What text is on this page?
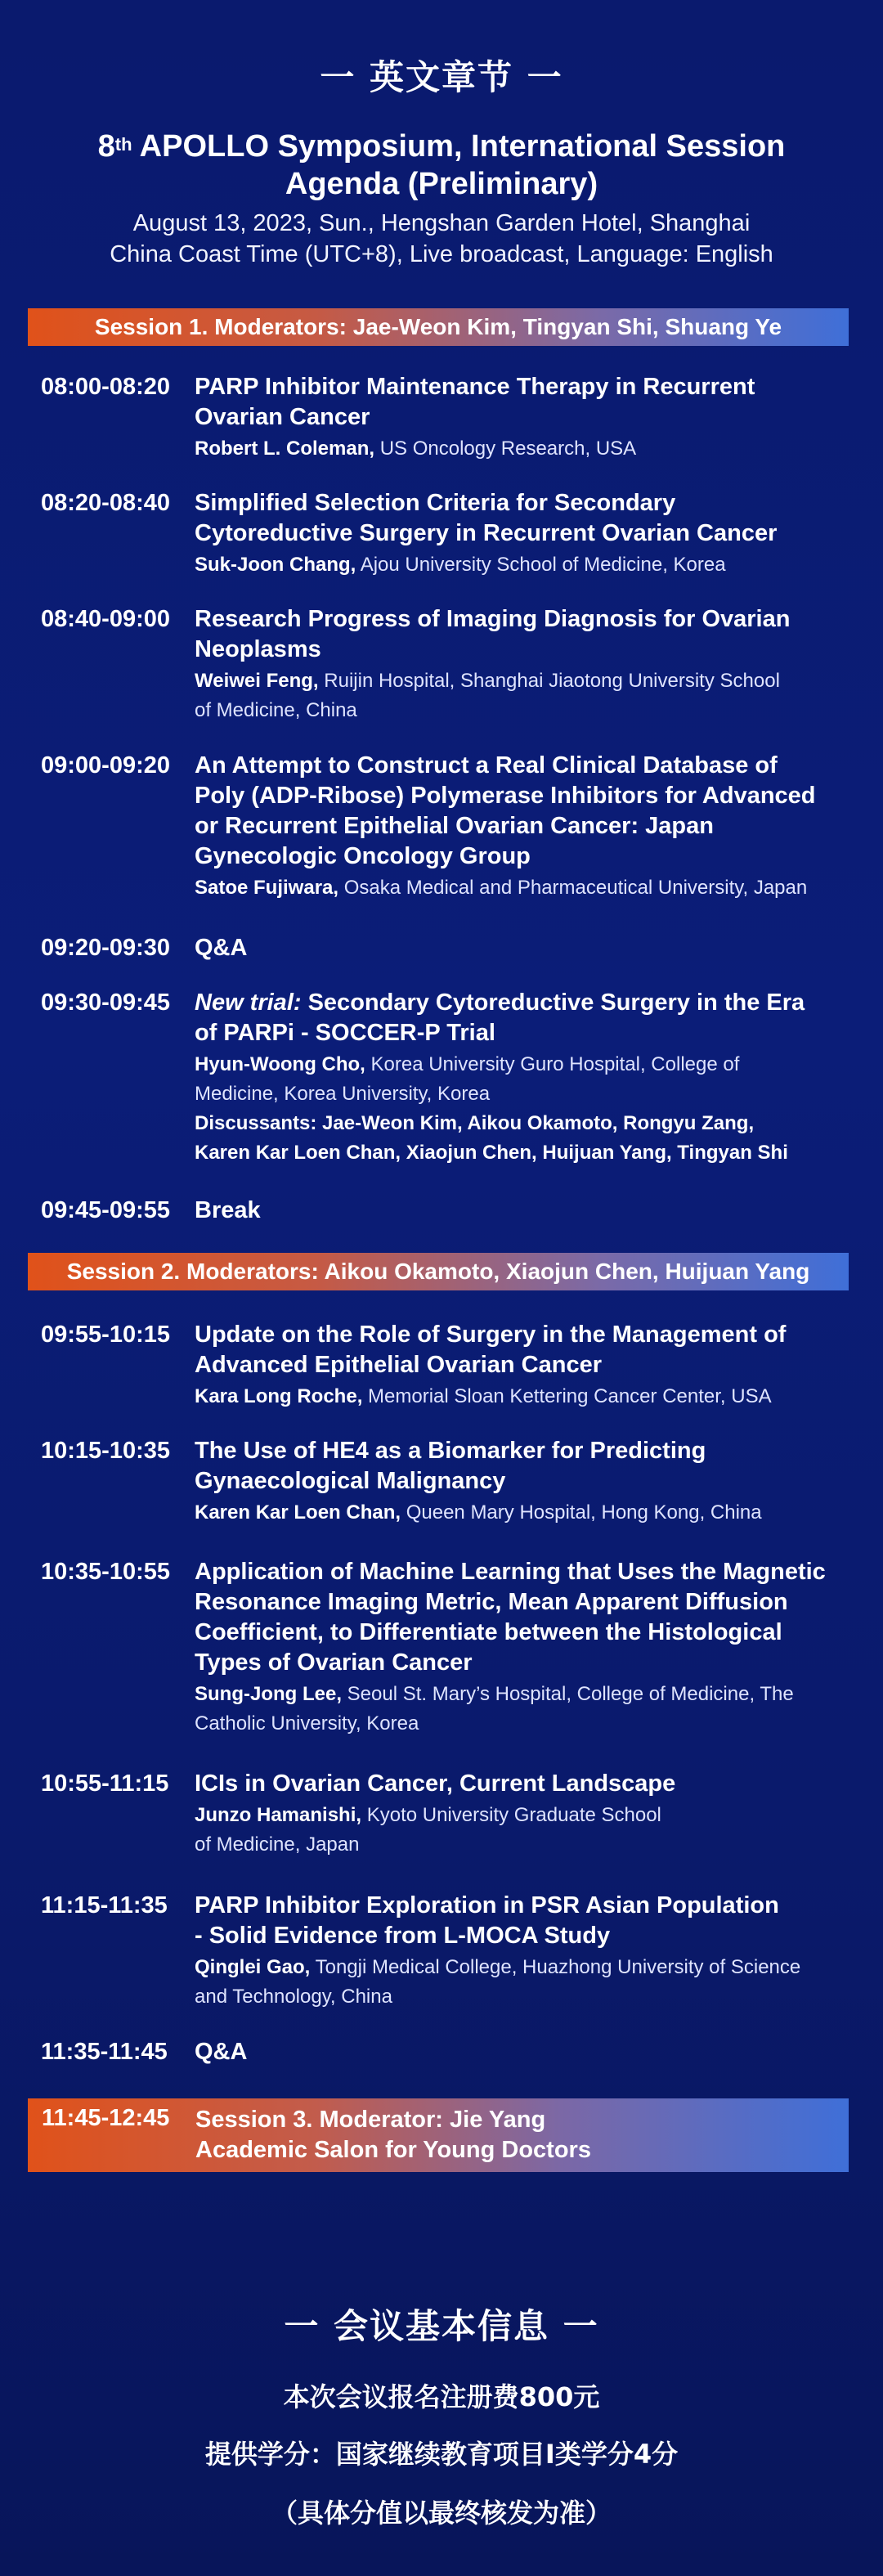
一 英文章节 一
8th APOLLO Symposium, International Session
Agenda (Preliminary)
August 13, 2023, Sun., Hengshan Garden Hotel, Shanghai
China Coast Time (UTC+8), Live broadcast, Language: English
Session 1. Moderators: Jae-Weon Kim, Tingyan Shi, Shuang Ye
08:00-08:20 PARP Inhibitor Maintenance Therapy in Recurrent
Ovarian Cancer
Robert L. Coleman, US Oncology Research, USA
08:20-08:40 Simplified Selection Criteria for Secondary
Cytoreductive Surgery in Recurrent Ovarian Cancer
Suk-Joon Chang, Ajou University School of Medicine, Korea
08:40-09:00 Research Progress of Imaging Diagnosis for Ovarian
Neoplasms
Weiwei Feng, Ruijin Hospital, Shanghai Jiaotong University School
of Medicine, China
09:00-09:20 An Attempt to Construct a Real Clinical Database of
Poly (ADP-Ribose) Polymerase Inhibitors for Advanced
or Recurrent Epithelial Ovarian Cancer: Japan
Gynecologic Oncology Group
Satoe Fujiwara, Osaka Medical and Pharmaceutical University, Japan
09:20-09:30 Q&A
09:30-09:45 New trial: Secondary Cytoreductive Surgery in the Era
of PARPi - SOCCER-P Trial
Hyun-Woong Cho, Korea University Guro Hospital, College of
Medicine, Korea University, Korea
Discussants: Jae-Weon Kim, Aikou Okamoto, Rongyu Zang,
Karen Kar Loen Chan, Xiaojun Chen, Huijuan Yang, Tingyan Shi
09:45-09:55 Break
Session 2. Moderators: Aikou Okamoto, Xiaojun Chen, Huijuan Yang
09:55-10:15 Update on the Role of Surgery in the Management of
Advanced Epithelial Ovarian Cancer
Kara Long Roche, Memorial Sloan Kettering Cancer Center, USA
10:15-10:35 The Use of HE4 as a Biomarker for Predicting
Gynaecological Malignancy
Karen Kar Loen Chan, Queen Mary Hospital, Hong Kong, China
10:35-10:55 Application of Machine Learning that Uses the Magnetic
Resonance Imaging Metric, Mean Apparent Diffusion
Coefficient, to Differentiate between the Histological
Types of Ovarian Cancer
Sung-Jong Lee, Seoul St. Mary’s Hospital, College of Medicine, The
Catholic University, Korea
10:55-11:15 ICIs in Ovarian Cancer, Current Landscape
Junzo Hamanishi, Kyoto University Graduate School
of Medicine, Japan
11:15-11:35 PARP Inhibitor Exploration in PSR Asian Population
- Solid Evidence from L-MOCA Study
Qinglei Gao, Tongji Medical College, Huazhong University of Science
and Technology, China
11:35-11:45 Q&A
11:45-12:45 Session 3. Moderator: Jie Yang
Academic Salon for Young Doctors
一 会议基本信息 一
本次会议报名注册费800元
提供学分：国家继续教育项目I类学分4分
（具体分值以最终核发为准）
